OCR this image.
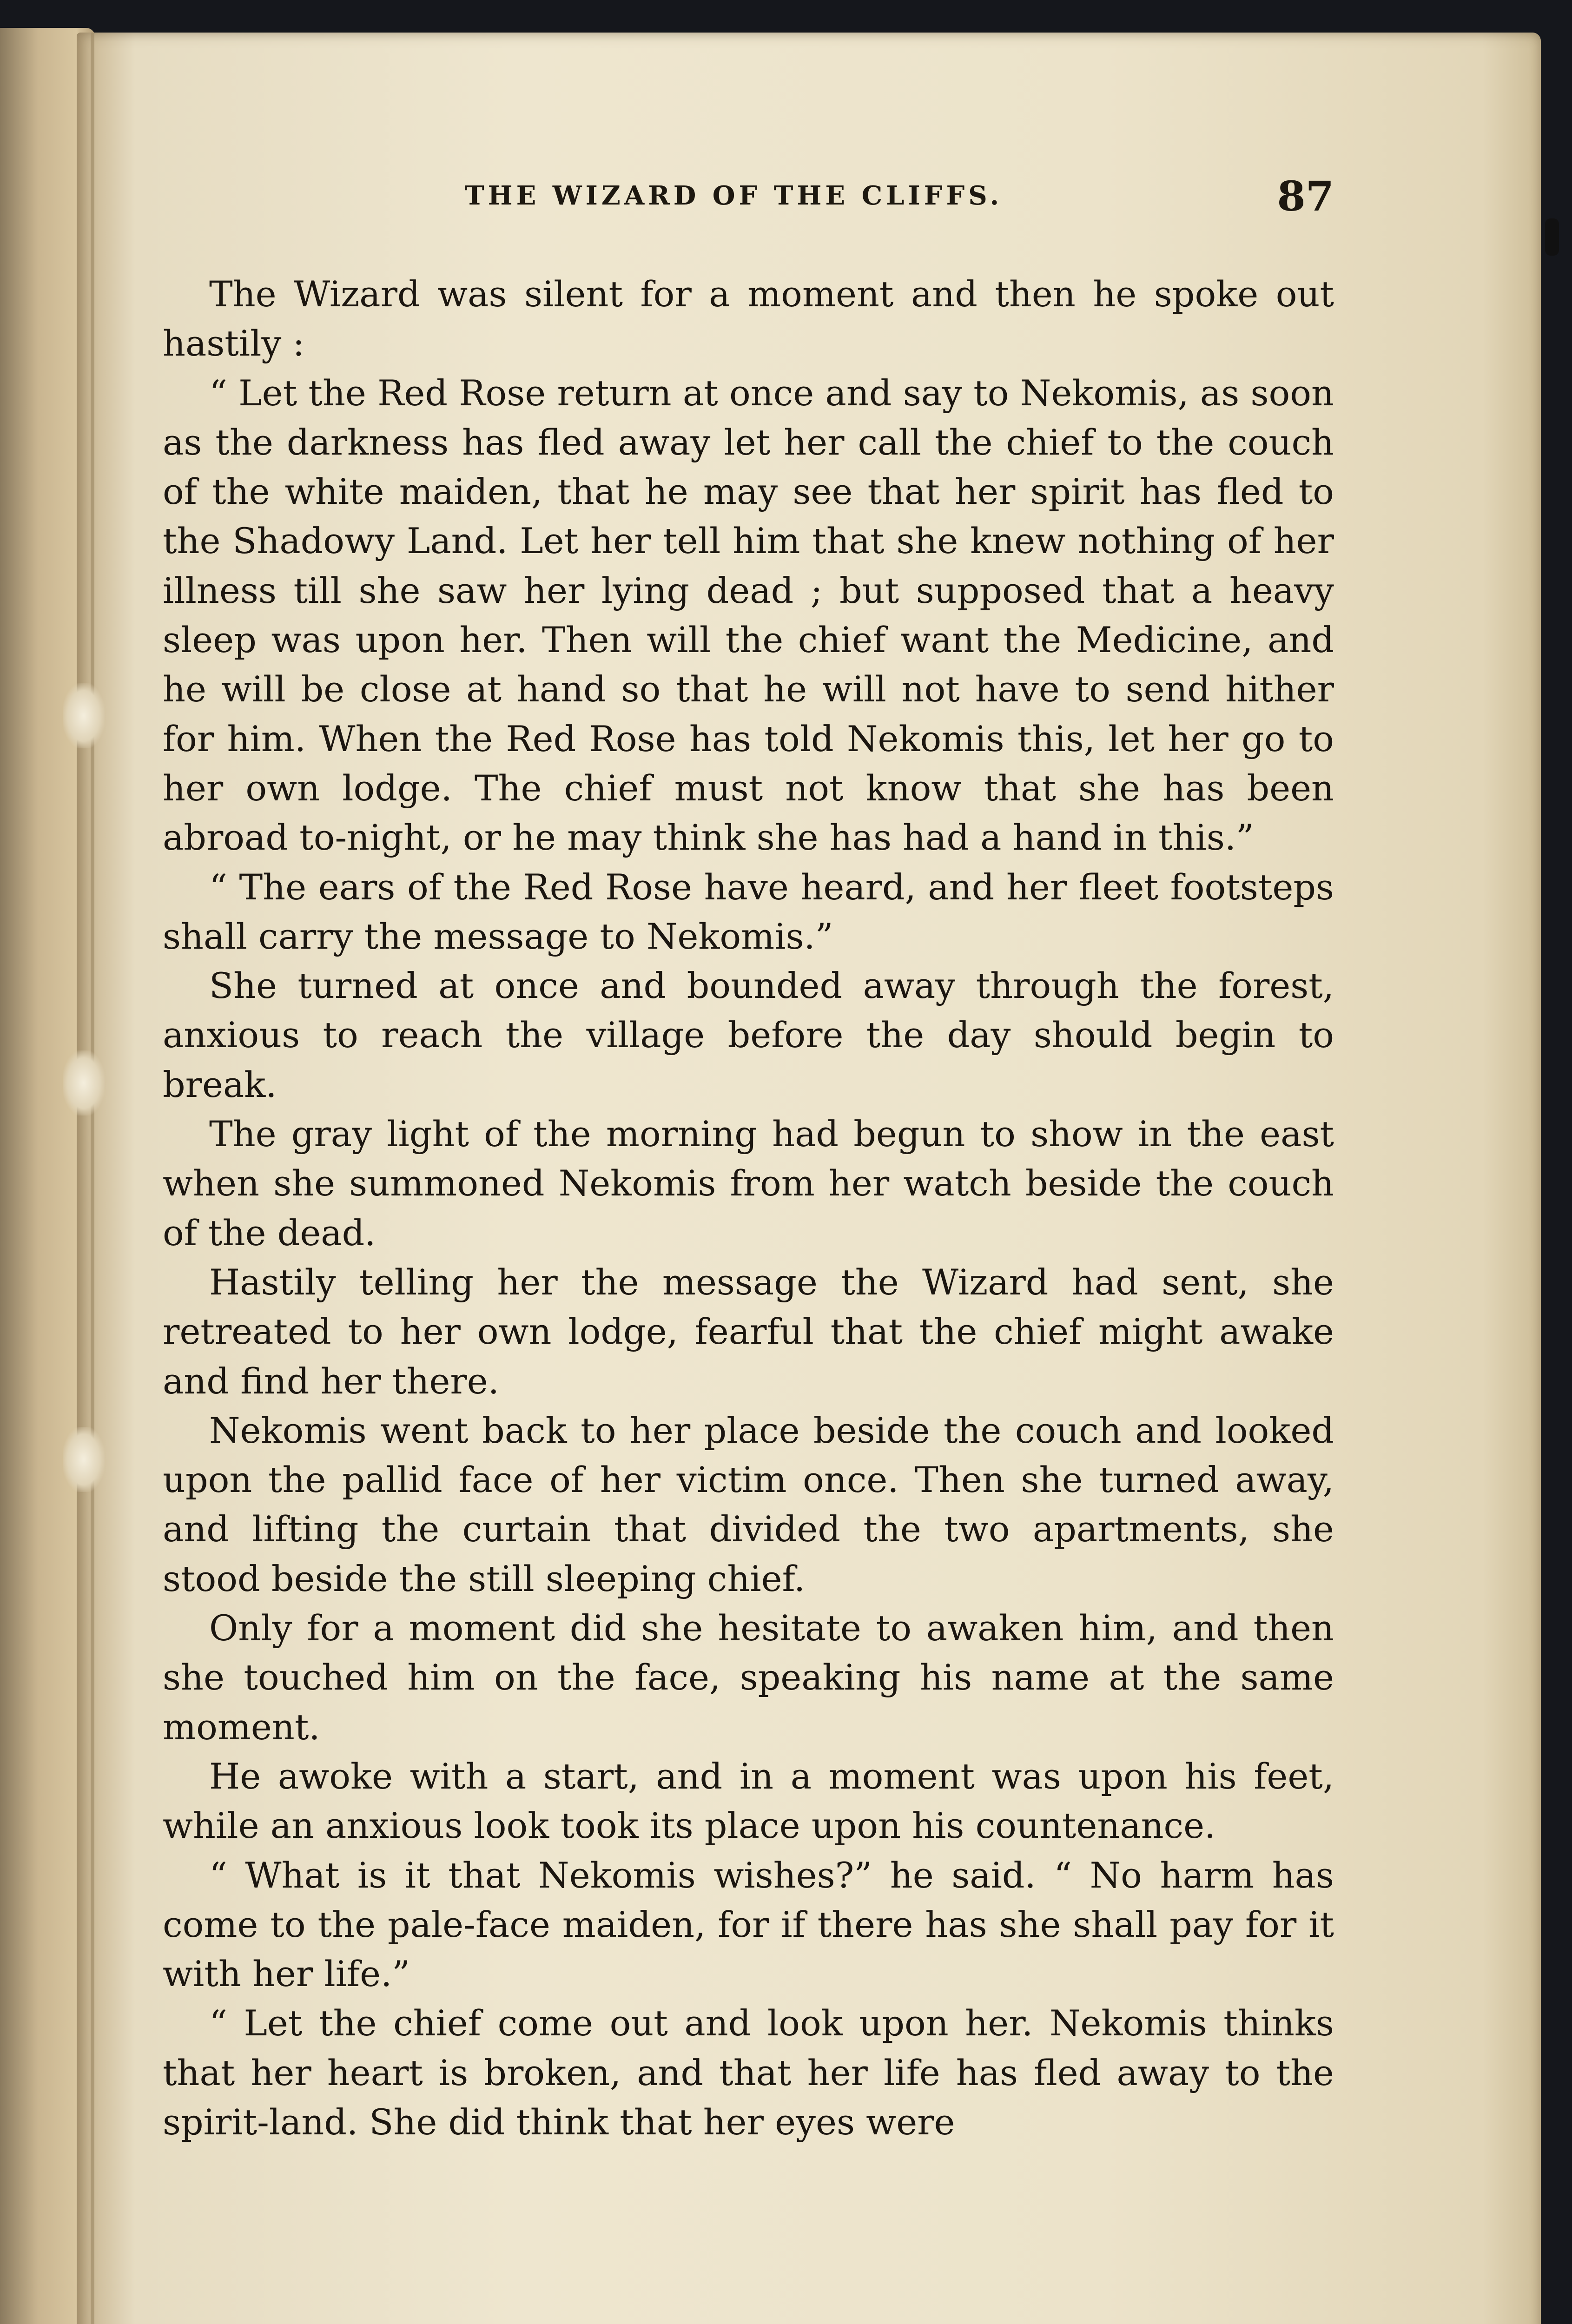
THE WIZARD OF THE CLIFFS.	87

The Wizard was silent for a moment and then he spoke out hastily :

“ Let the Red Rose return at once and say to Nekomis, as soon as the darkness has fled away let her call the chief to the couch of the white maiden, that he may see that her spirit has fled to the Shadowy Land. Let her tell him that she knew nothing of her illness till she saw her lying dead ; but supposed that a heavy sleep was upon her. Then will the chief want the Medicine, and he will be close at hand so that he will not have to send hither for him. When the Red Rose has told Nekomis this, let her go to her own lodge. The chief must not know that she has been abroad to-night, or he may think she has had a hand in this.”

“ The ears of the Red Rose have heard, and her fleet footsteps shall carry the message to Nekomis.”

She turned at once and bounded away through the forest, anxious to reach the village before the day should begin to break.

The gray light of the morning had begun to show in the east when she summoned Nekomis from her watch beside the couch of the dead.

Hastily telling her the message the Wizard had sent, she retreated to her own lodge, fearful that the chief might awake and find her there.

Nekomis went back to her place beside the couch and looked upon the pallid face of her victim once. Then she turned away, and lifting the curtain that divided the two apartments, she stood beside the still sleeping chief.

Only for a moment did she hesitate to awaken him, and then she touched him on the face, speaking his name at the same moment.

He awoke with a start, and in a moment was upon his feet, while an anxious look took its place upon his countenance.

“ What is it that Nekomis wishes?” he said. “ No harm has come to the pale-face maiden, for if there has she shall pay for it with her life.”

“ Let the chief come out and look upon her. Nekomis thinks that her heart is broken, and that her life has fled away to the spirit-land. She did think that her eyes were
